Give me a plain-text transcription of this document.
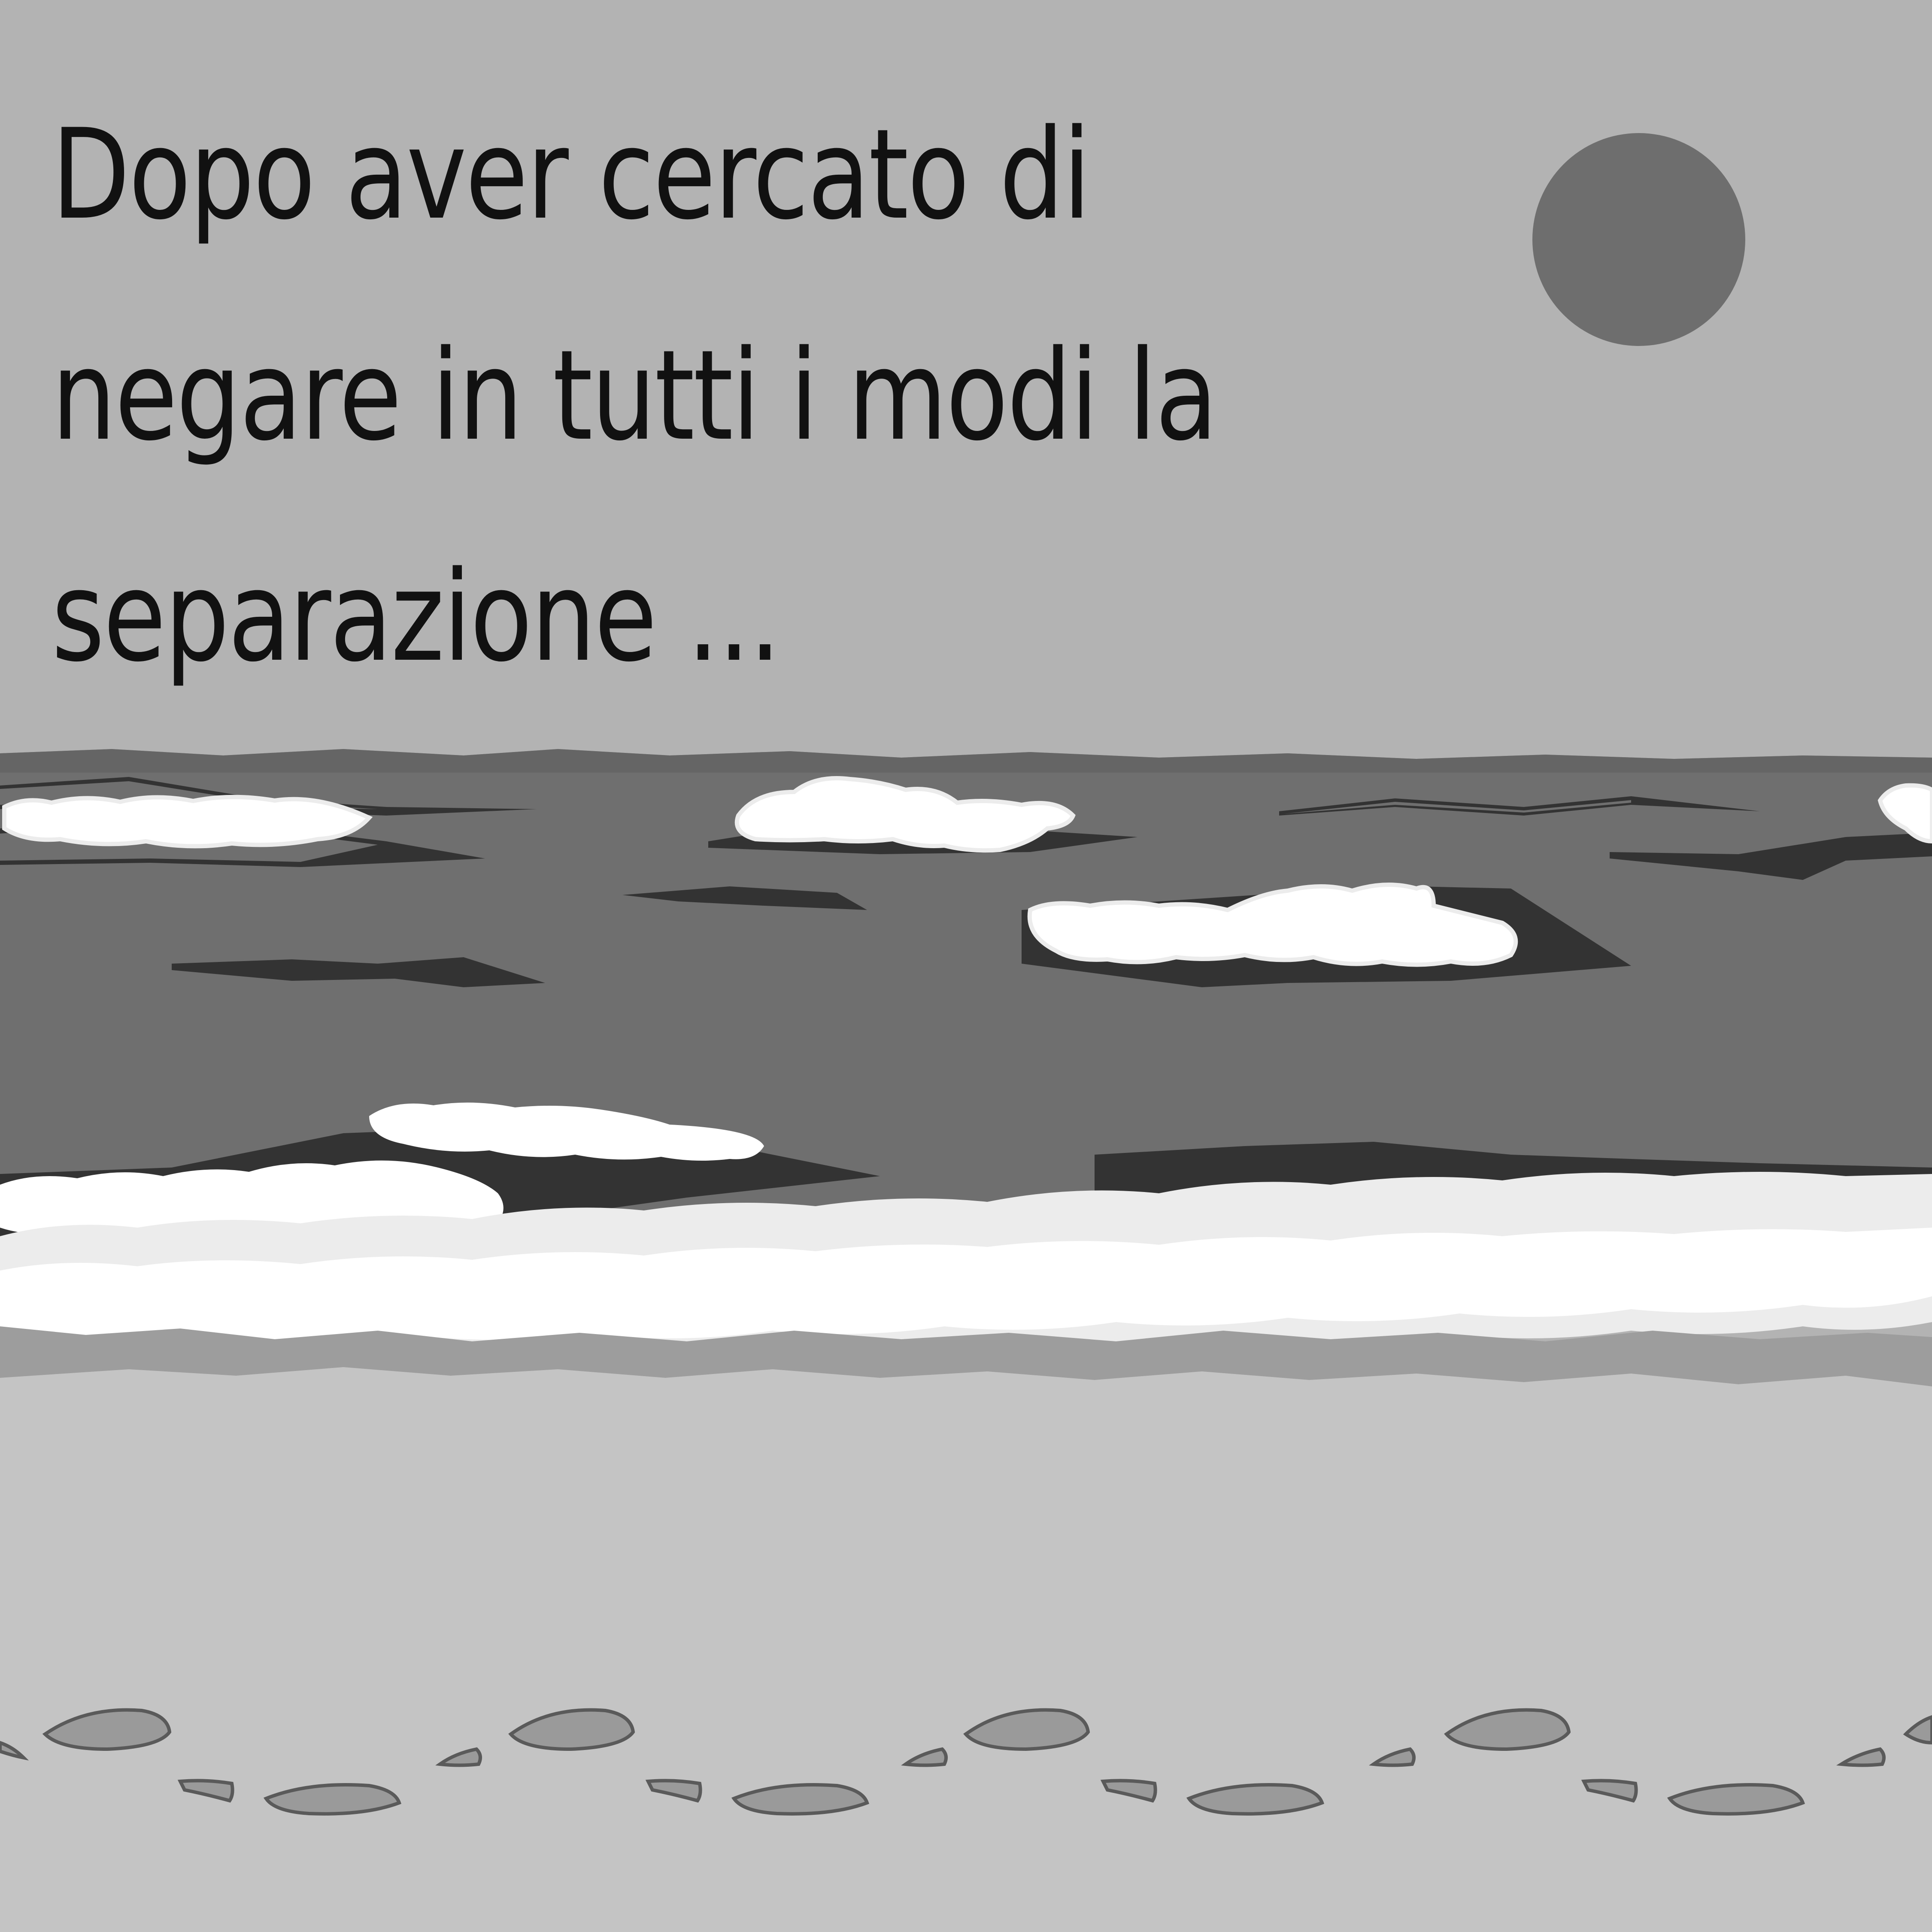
Dopo aver cercato di
negare in tutti i modi la
separazione ...
